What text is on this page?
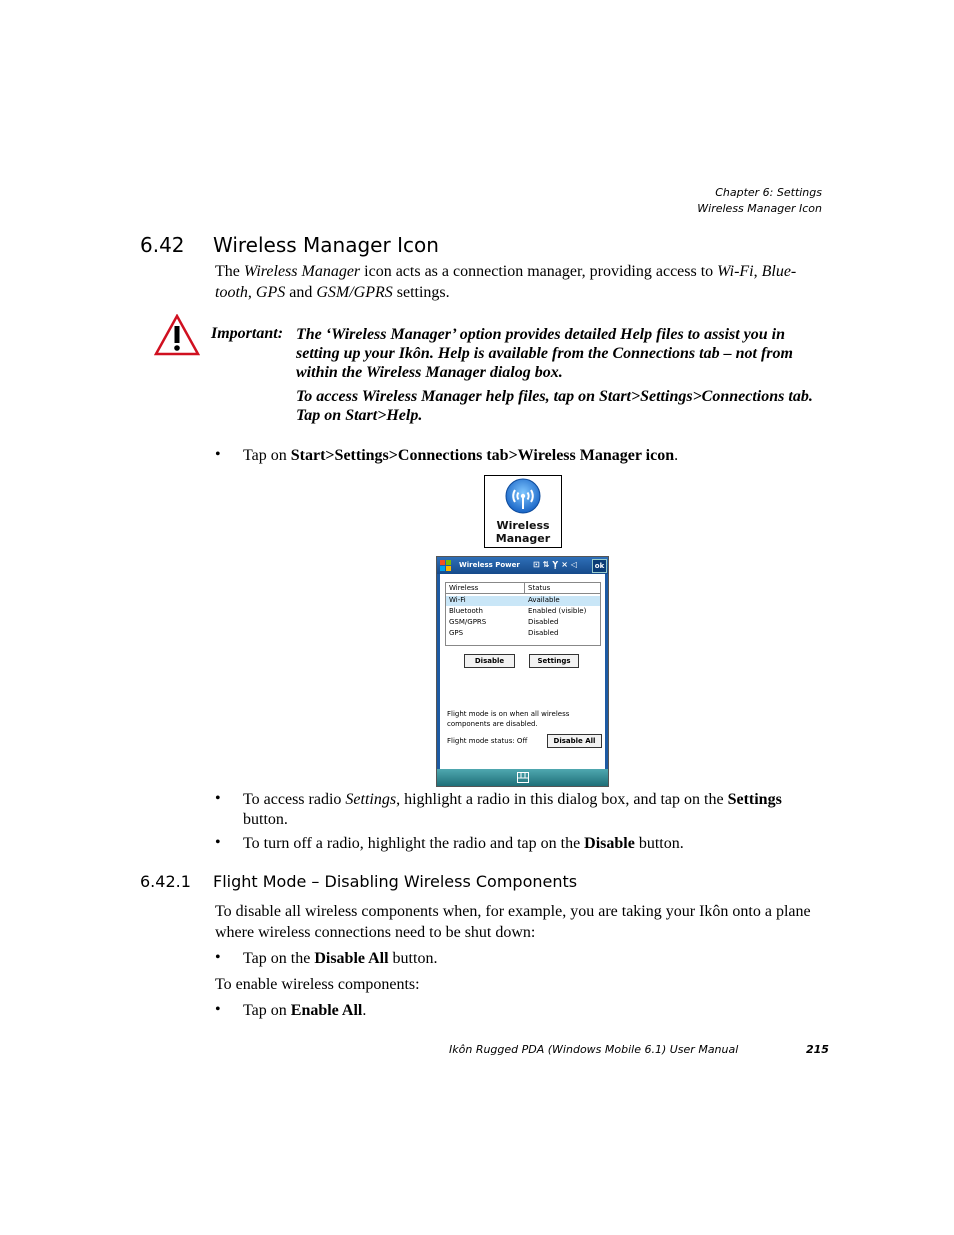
Chapter 6: Settings
Wireless Manager Icon
6.42 Wireless Manager Icon
The Wireless Manager icon acts as a connection manager, providing access to Wi-Fi, Blue-tooth, GPS and GSM/GPRS settings.
Important: The ‘Wireless Manager’ option provides detailed Help files to assist you in setting up your Ikôn. Help is available from the Connections tab – not from within the Wireless Manager dialog box.
To access Wireless Manager help files, tap on Start>Settings>Connections tab. Tap on Start>Help.
• Tap on Start>Settings>Connections tab>Wireless Manager icon.
Wireless
Manager
Wireless Power ⊡⇅Y͓×◁	ok
Wireless	Status
Wi-Fi	Available
Bluetooth	Enabled (visible)
GSM/GPRS	Disabled
GPS	Disabled
Disable	Settings
Flight mode is on when all wireless components are disabled.
Flight mode status: Off	Disable All
• To access radio Settings, highlight a radio in this dialog box, and tap on the Settings button.
• To turn off a radio, highlight the radio and tap on the Disable button.
6.42.1 Flight Mode – Disabling Wireless Components
To disable all wireless components when, for example, you are taking your Ikôn onto a plane where wireless connections need to be shut down:
• Tap on the Disable All button.
To enable wireless components:
• Tap on Enable All.
Ikôn Rugged PDA (Windows Mobile 6.1) User Manual	215
